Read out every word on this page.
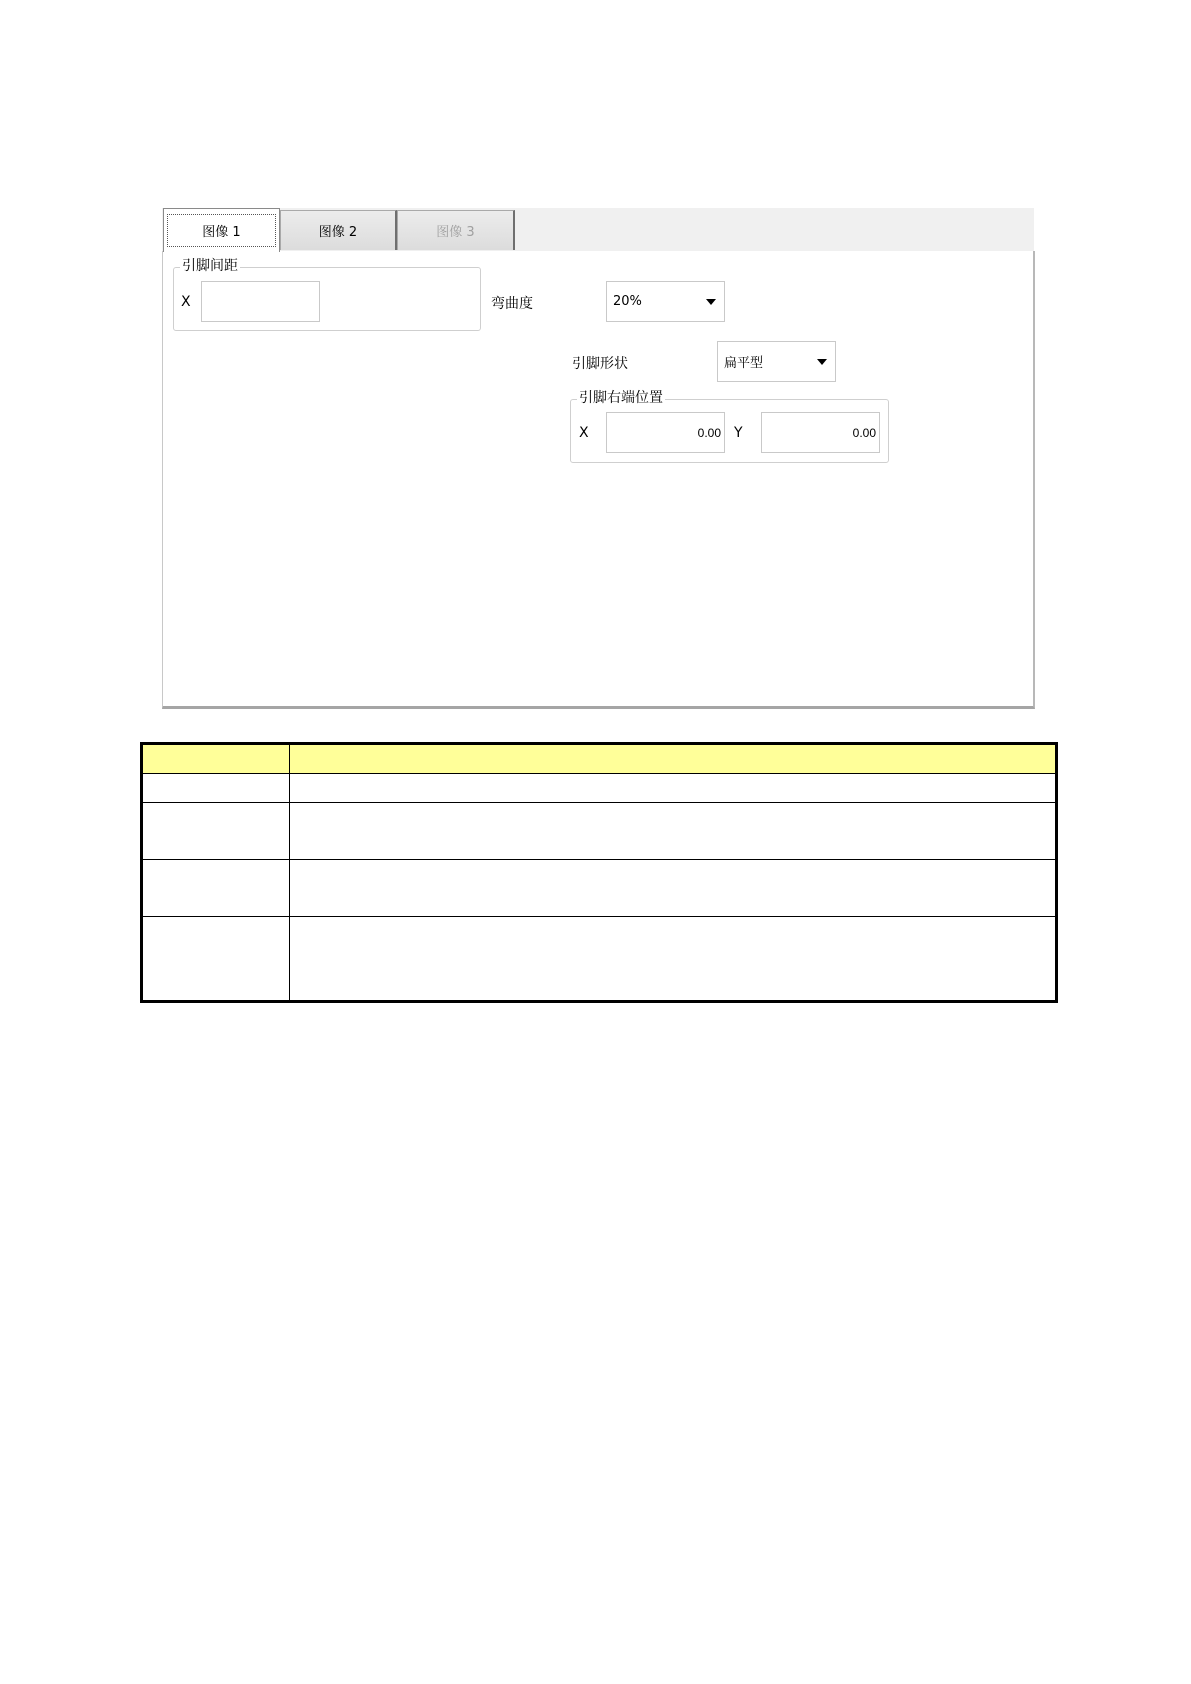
图像 1	图像 2	图像 3
引脚间距
X	弯曲度	20%
引脚形状	扁平型
引脚右端位置
X	0.00 Y	0.00
